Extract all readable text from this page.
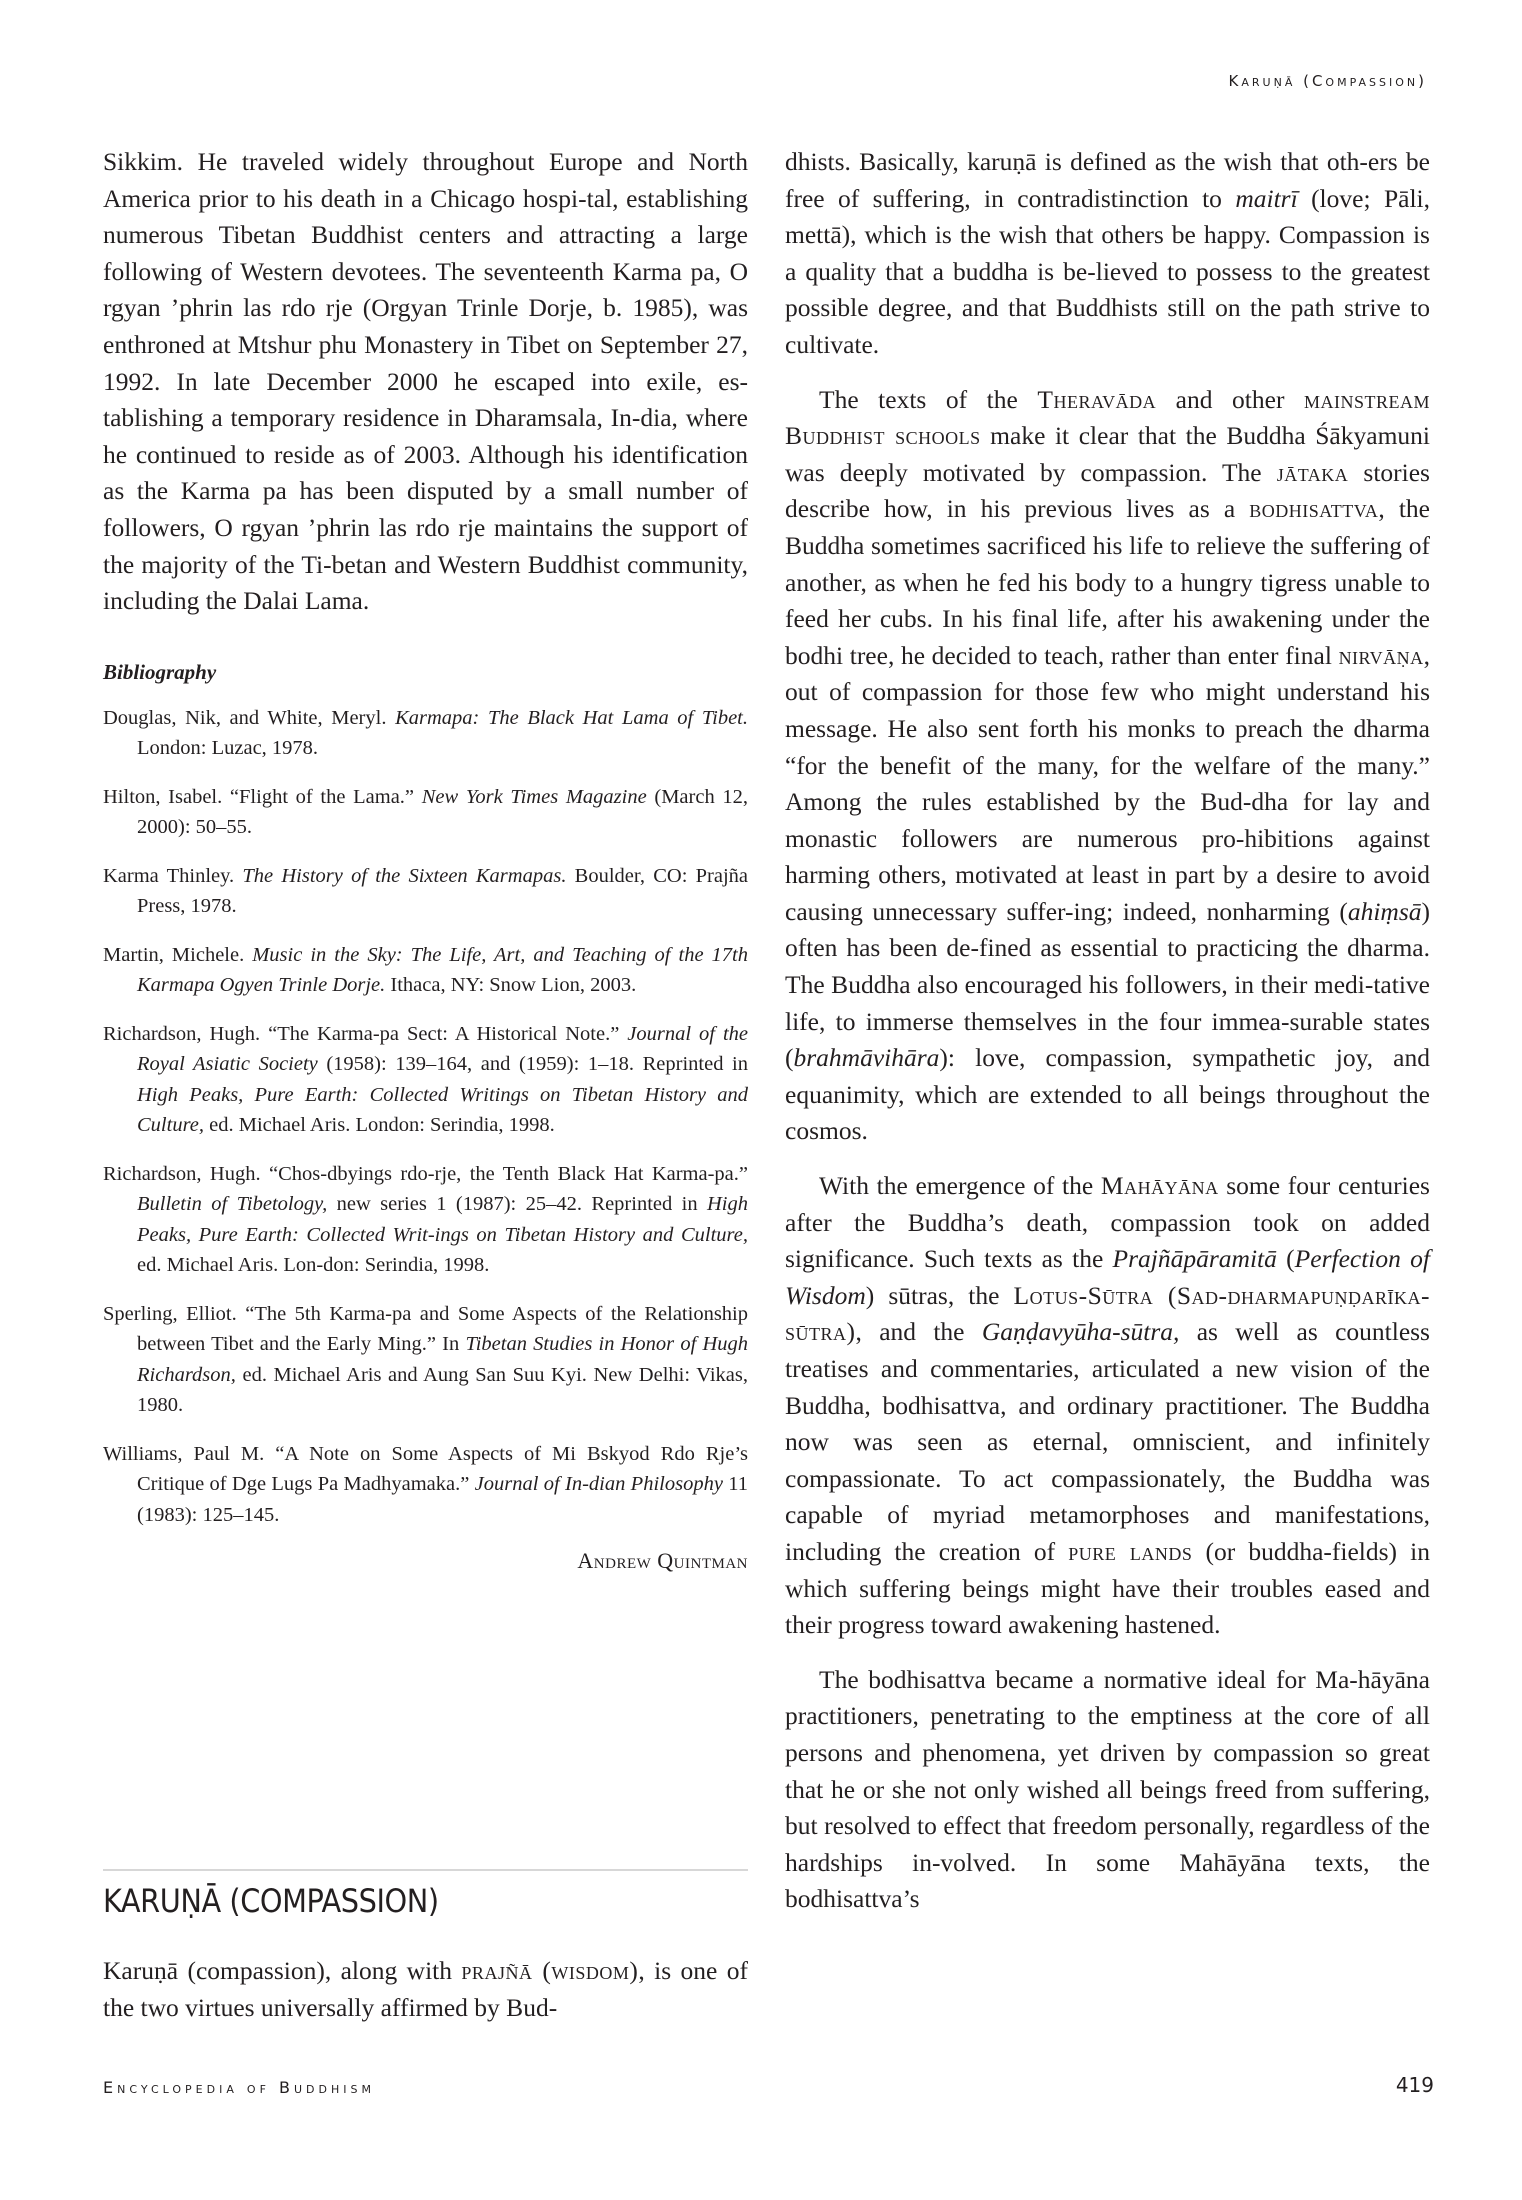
Karuṇā (Compassion)

Sikkim. He traveled widely throughout Europe and North America prior to his death in a Chicago hospi-tal, establishing numerous Tibetan Buddhist centers and attracting a large following of Western devotees. The seventeenth Karma pa, O rgyan ’phrin las rdo rje (Orgyan Trinle Dorje, b. 1985), was enthroned at Mtshur phu Monastery in Tibet on September 27, 1992. In late December 2000 he escaped into exile, es-tablishing a temporary residence in Dharamsala, In-dia, where he continued to reside as of 2003. Although his identification as the Karma pa has been disputed by a small number of followers, O rgyan ’phrin las rdo rje maintains the support of the majority of the Ti-betan and Western Buddhist community, including the Dalai Lama.

Bibliography
Douglas, Nik, and White, Meryl. Karmapa: The Black Hat Lama of Tibet. London: Luzac, 1978.
Hilton, Isabel. “Flight of the Lama.” New York Times Magazine (March 12, 2000): 50–55.
Karma Thinley. The History of the Sixteen Karmapas. Boulder, CO: Prajña Press, 1978.
Martin, Michele. Music in the Sky: The Life, Art, and Teaching of the 17th Karmapa Ogyen Trinle Dorje. Ithaca, NY: Snow Lion, 2003.
Richardson, Hugh. “The Karma-pa Sect: A Historical Note.” Journal of the Royal Asiatic Society (1958): 139–164, and (1959): 1–18. Reprinted in High Peaks, Pure Earth: Collected Writings on Tibetan History and Culture, ed. Michael Aris. London: Serindia, 1998.
Richardson, Hugh. “Chos-dbyings rdo-rje, the Tenth Black Hat Karma-pa.” Bulletin of Tibetology, new series 1 (1987): 25–42. Reprinted in High Peaks, Pure Earth: Collected Writ-ings on Tibetan History and Culture, ed. Michael Aris. Lon-don: Serindia, 1998.
Sperling, Elliot. “The 5th Karma-pa and Some Aspects of the Relationship between Tibet and the Early Ming.” In Tibetan Studies in Honor of Hugh Richardson, ed. Michael Aris and Aung San Suu Kyi. New Delhi: Vikas, 1980.
Williams, Paul M. “A Note on Some Aspects of Mi Bskyod Rdo Rje’s Critique of Dge Lugs Pa Madhyamaka.” Journal of In-dian Philosophy 11 (1983): 125–145.
Andrew Quintman
KARUṆĀ (COMPASSION)

Karuṇā (compassion), along with prajñā (wisdom), is one of the two virtues universally affirmed by Bud-

dhists. Basically, karuṇā is defined as the wish that oth-ers be free of suffering, in contradistinction to maitrī (love; Pāli, mettā), which is the wish that others be happy. Compassion is a quality that a buddha is be-lieved to possess to the greatest possible degree, and that Buddhists still on the path strive to cultivate.

The texts of the Theravāda and other mainstream Buddhist schools make it clear that the Buddha Śākyamuni was deeply motivated by compassion. The jātaka stories describe how, in his previous lives as a bodhisattva, the Buddha sometimes sacrificed his life to relieve the suffering of another, as when he fed his body to a hungry tigress unable to feed her cubs. In his final life, after his awakening under the bodhi tree, he decided to teach, rather than enter final nirvāṇa, out of compassion for those few who might understand his message. He also sent forth his monks to preach the dharma “for the benefit of the many, for the welfare of the many.” Among the rules established by the Bud-dha for lay and monastic followers are numerous pro-hibitions against harming others, motivated at least in part by a desire to avoid causing unnecessary suffer-ing; indeed, nonharming (ahiṃsā) often has been de-fined as essential to practicing the dharma. The Buddha also encouraged his followers, in their medi-tative life, to immerse themselves in the four immea-surable states (brahmāvihāra): love, compassion, sympathetic joy, and equanimity, which are extended to all beings throughout the cosmos.

With the emergence of the Mahāyāna some four centuries after the Buddha’s death, compassion took on added significance. Such texts as the Prajñāpāramitā (Perfection of Wisdom) sūtras, the Lotus-Sūtra (Sad-dharmapuṇḍarīka-sūtra), and the Gaṇḍavyūha-sūtra, as well as countless treatises and commentaries, articulated a new vision of the Buddha, bodhisattva, and ordinary practitioner. The Buddha now was seen as eternal, omniscient, and infinitely compassionate. To act compassionately, the Buddha was capable of myriad metamorphoses and manifestations, including the creation of pure lands (or buddha-fields) in which suffering beings might have their troubles eased and their progress toward awakening hastened.

The bodhisattva became a normative ideal for Ma-hāyāna practitioners, penetrating to the emptiness at the core of all persons and phenomena, yet driven by compassion so great that he or she not only wished all beings freed from suffering, but resolved to effect that freedom personally, regardless of the hardships in-volved. In some Mahāyāna texts, the bodhisattva’s

Encyclopedia of Buddhism	419
